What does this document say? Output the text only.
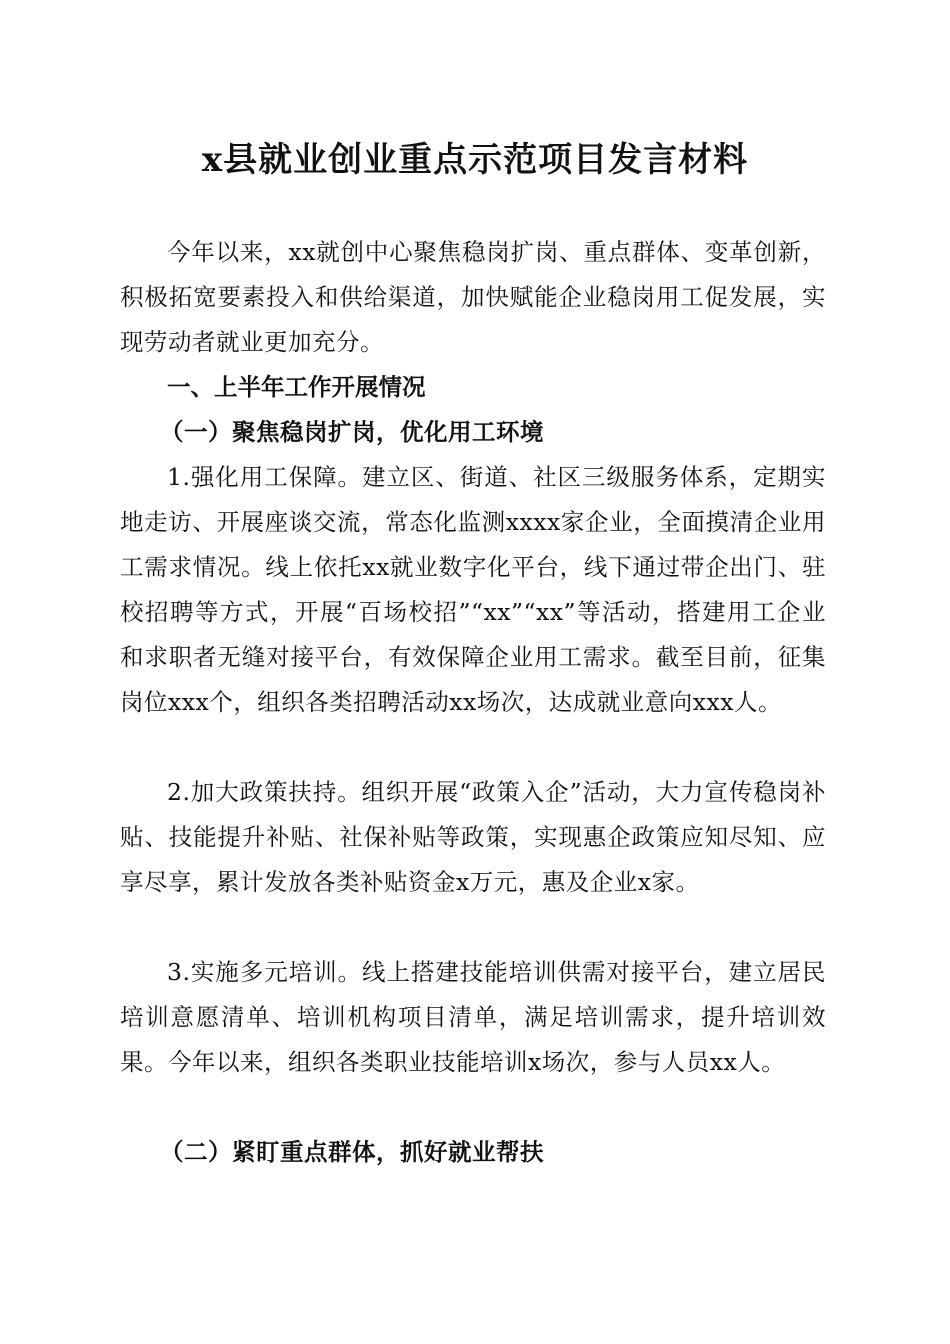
x县就业创业重点示范项目发言材料

今年以来，xx就创中心聚焦稳岗扩岗、重点群体、变革创新，积极拓宽要素投入和供给渠道，加快赋能企业稳岗用工促发展，实现劳动者就业更加充分。

一、上半年工作开展情况
（一）聚焦稳岗扩岗，优化用工环境

1.强化用工保障。建立区、街道、社区三级服务体系，定期实地走访、开展座谈交流，常态化监测xxxx家企业，全面摸清企业用工需求情况。线上依托xx就业数字化平台，线下通过带企出门、驻校招聘等方式，开展“百场校招”“xx”“xx”等活动，搭建用工企业和求职者无缝对接平台，有效保障企业用工需求。截至目前，征集岗位xxx个，组织各类招聘活动xx场次，达成就业意向xxx人。

2.加大政策扶持。组织开展“政策入企”活动，大力宣传稳岗补贴、技能提升补贴、社保补贴等政策，实现惠企政策应知尽知、应享尽享，累计发放各类补贴资金x万元，惠及企业x家。

3.实施多元培训。线上搭建技能培训供需对接平台，建立居民培训意愿清单、培训机构项目清单，满足培训需求，提升培训效果。今年以来，组织各类职业技能培训x场次，参与人员xx人。

（二）紧盯重点群体，抓好就业帮扶
